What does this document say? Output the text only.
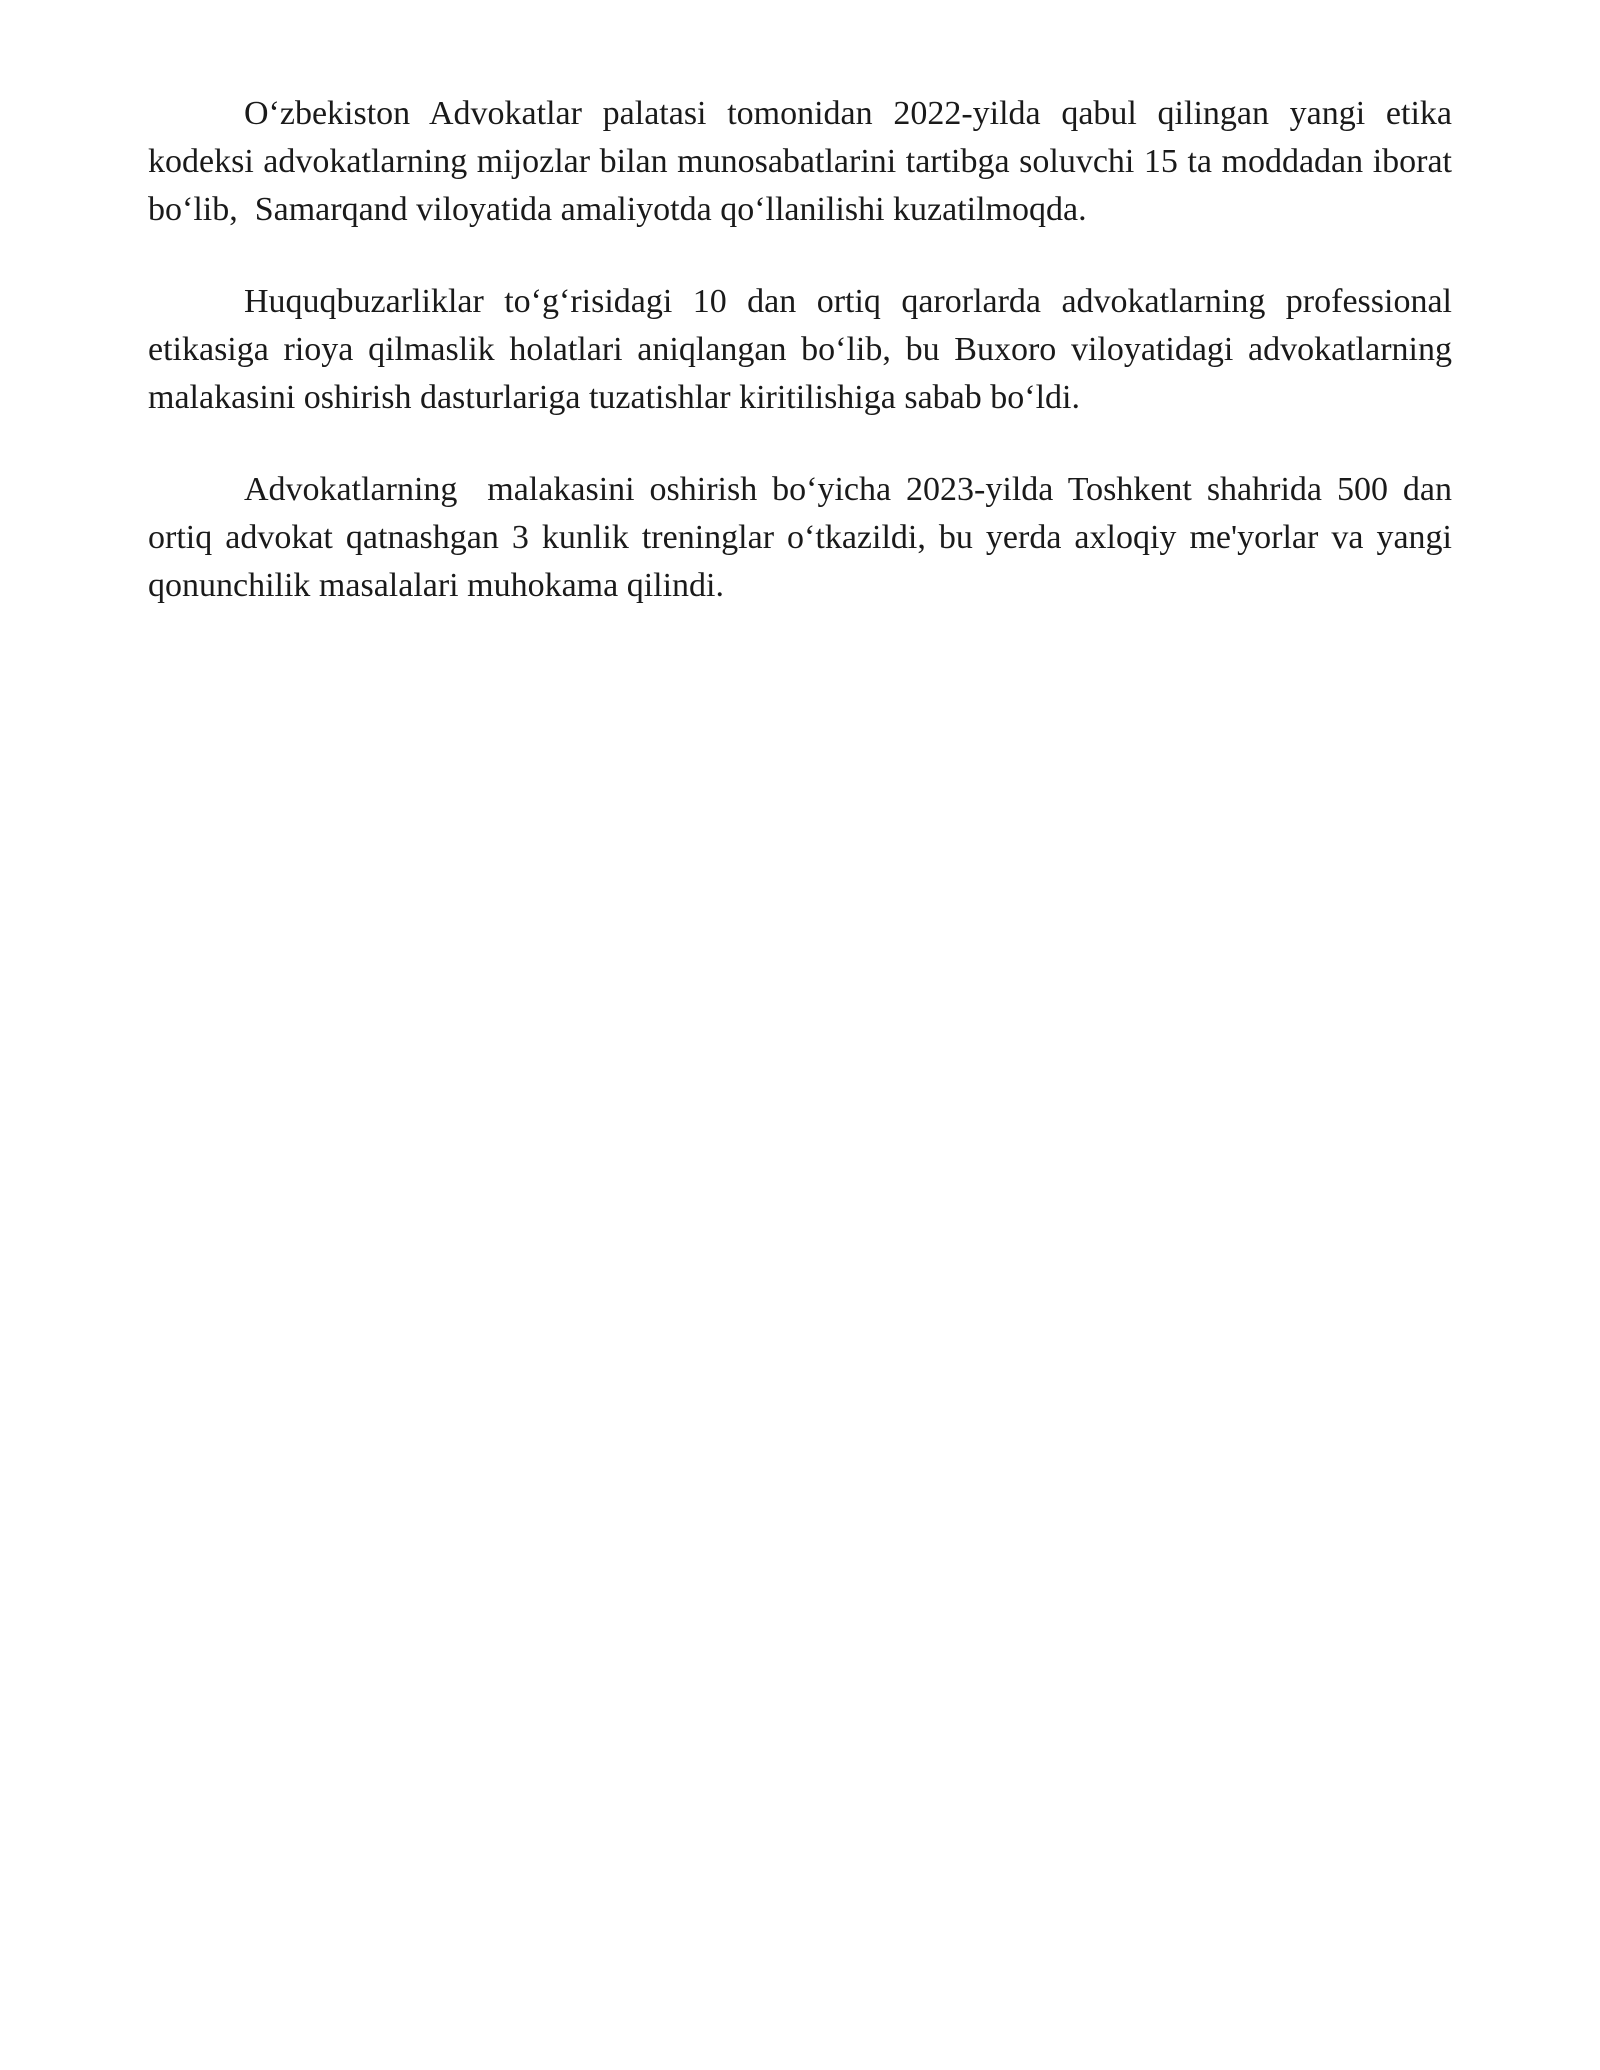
O‘zbekiston Advokatlar palatasi tomonidan 2022-yilda qabul qilingan yangi etika kodeksi advokatlarning mijozlar bilan munosabatlarini tartibga soluvchi 15 ta moddadan iborat bo‘lib,  Samarqand viloyatida amaliyotda qo‘llanilishi kuzatilmoqda.

Huquqbuzarliklar to‘g‘risidagi 10 dan ortiq qarorlarda advokatlarning professional etikasiga rioya qilmaslik holatlari aniqlangan bo‘lib, bu Buxoro viloyatidagi advokatlarning malakasini oshirish dasturlariga tuzatishlar kiritilishiga sabab bo‘ldi.

Advokatlarning  malakasini oshirish bo‘yicha 2023-yilda Toshkent shahrida 500 dan ortiq advokat qatnashgan 3 kunlik treninglar o‘tkazildi, bu yerda axloqiy me'yorlar va yangi qonunchilik masalalari muhokama qilindi.
